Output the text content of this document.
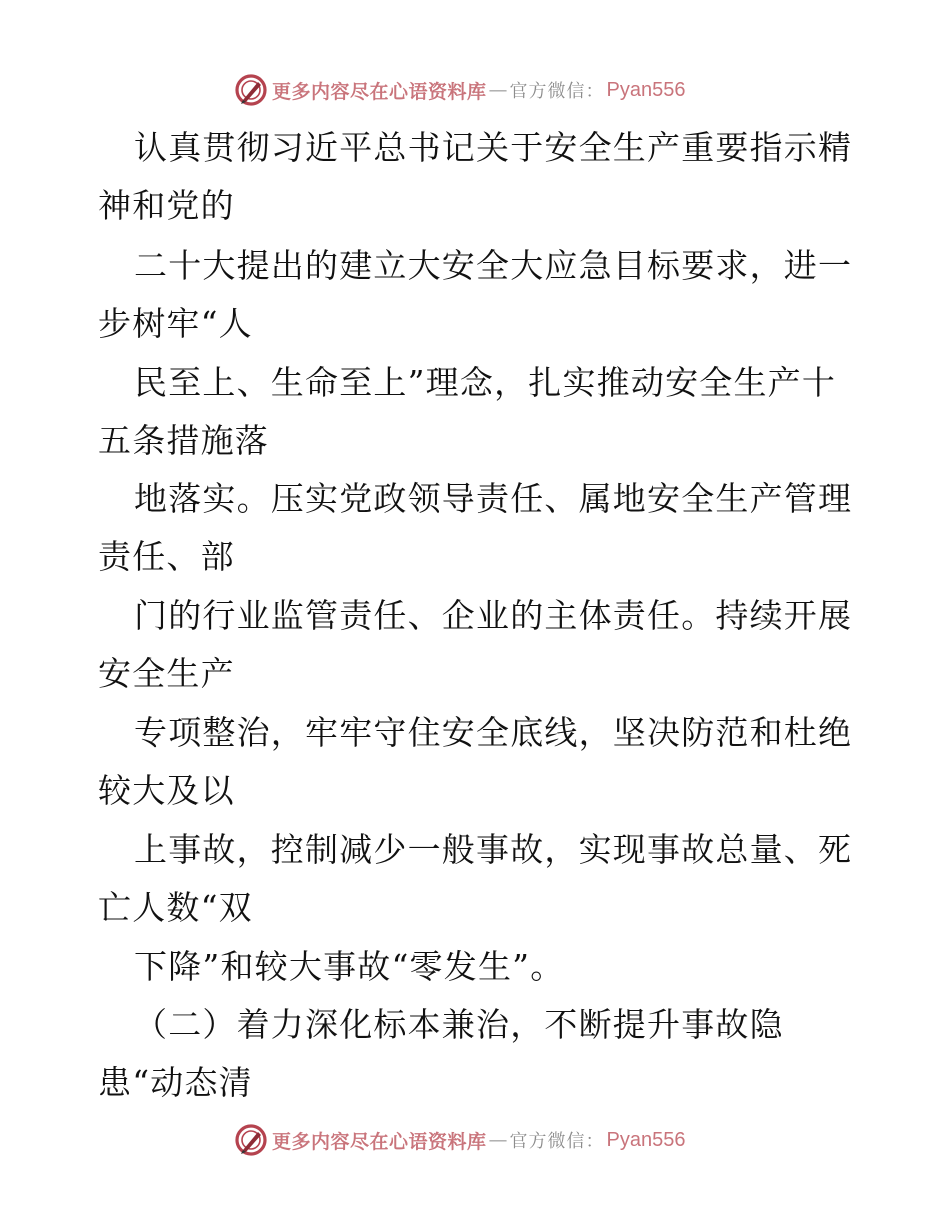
更多内容尽在心语资料库 — 官方微信： Pyan556
认真贯彻习近平总书记关于安全生产重要指示精
神和党的
二十大提出的建立大安全大应急目标要求，进一
步树牢“人
民至上、生命至上”理念，扎实推动安全生产十
五条措施落
地落实。压实党政领导责任、属地安全生产管理
责任、部
门的行业监管责任、企业的主体责任。持续开展
安全生产
专项整治，牢牢守住安全底线，坚决防范和杜绝
较大及以
上事故，控制减少一般事故，实现事故总量、死
亡人数“双
下降”和较大事故“零发生”。
（二）着力深化标本兼治，不断提升事故隐
患“动态清
更多内容尽在心语资料库 — 官方微信： Pyan556
